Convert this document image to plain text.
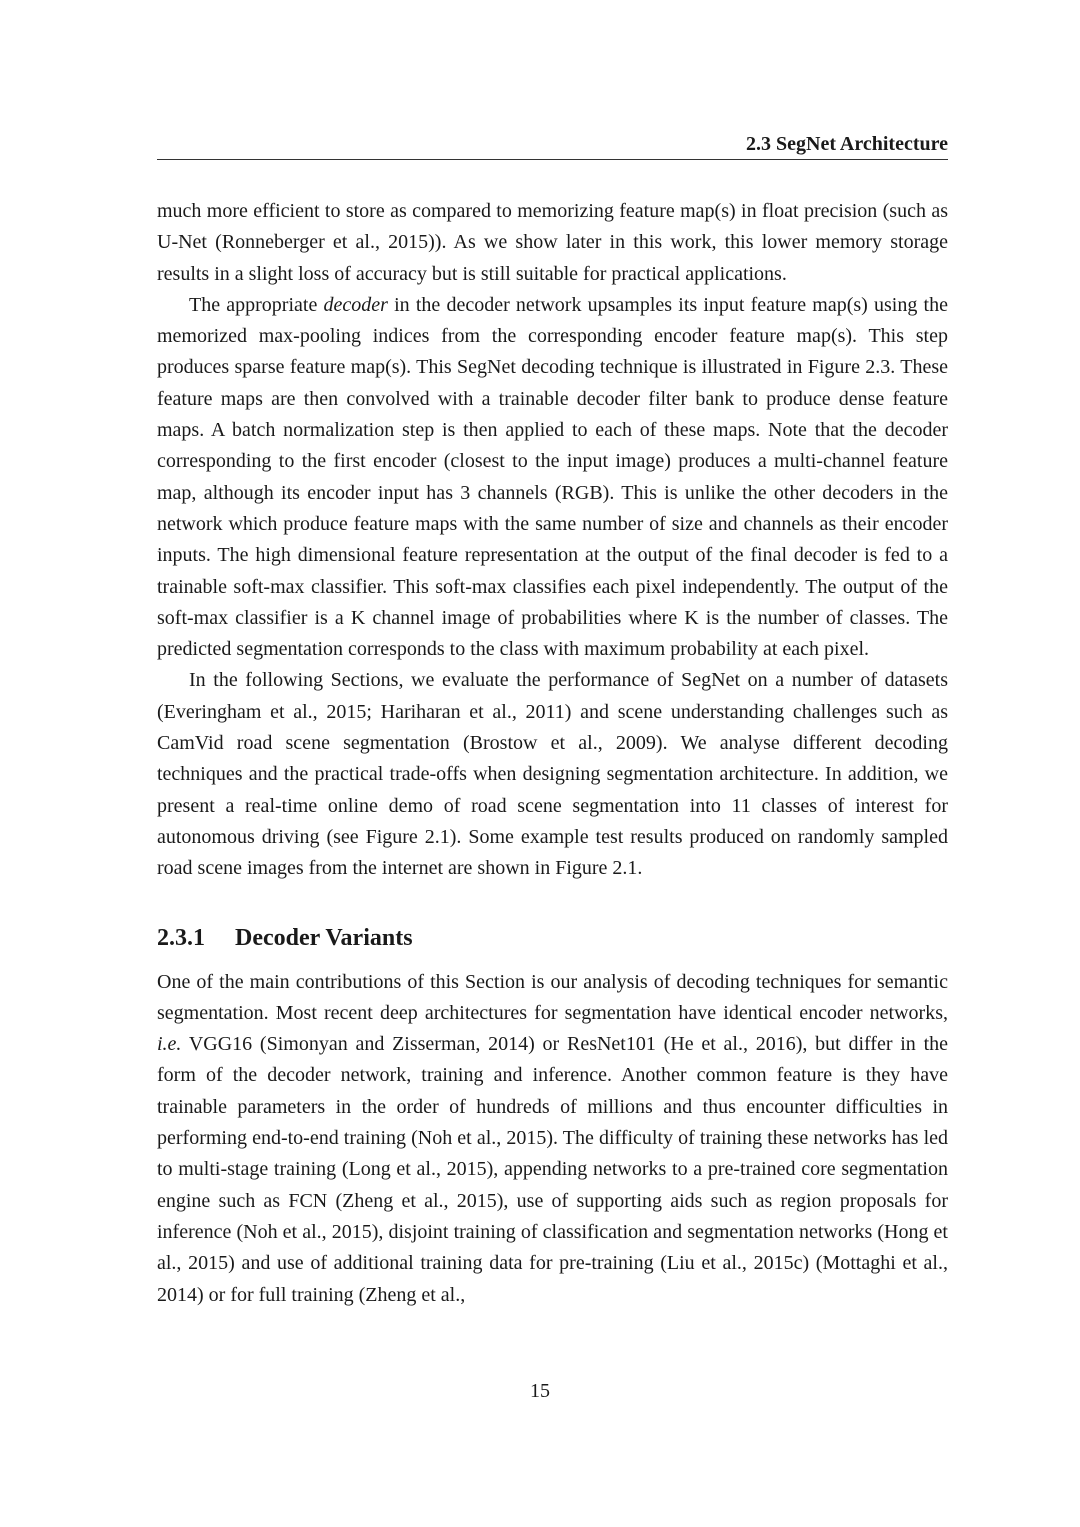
2.3 SegNet Architecture

much more efficient to store as compared to memorizing feature map(s) in float precision (such as U-Net (Ronneberger et al., 2015)). As we show later in this work, this lower memory storage results in a slight loss of accuracy but is still suitable for practical applications.

The appropriate decoder in the decoder network upsamples its input feature map(s) using the memorized max-pooling indices from the corresponding encoder feature map(s). This step produces sparse feature map(s). This SegNet decoding technique is illustrated in Figure 2.3. These feature maps are then convolved with a trainable decoder filter bank to produce dense feature maps. A batch normalization step is then applied to each of these maps. Note that the decoder corresponding to the first encoder (closest to the input image) produces a multi-channel feature map, although its encoder input has 3 channels (RGB). This is unlike the other decoders in the network which produce feature maps with the same number of size and channels as their encoder inputs. The high dimensional feature representation at the output of the final decoder is fed to a trainable soft-max classifier. This soft-max classifies each pixel independently. The output of the soft-max classifier is a K channel image of probabilities where K is the number of classes. The predicted segmentation corresponds to the class with maximum probability at each pixel.

In the following Sections, we evaluate the performance of SegNet on a number of datasets (Everingham et al., 2015; Hariharan et al., 2011) and scene understanding challenges such as CamVid road scene segmentation (Brostow et al., 2009). We analyse different decoding techniques and the practical trade-offs when designing segmentation architecture. In addition, we present a real-time online demo of road scene segmentation into 11 classes of interest for autonomous driving (see Figure 2.1). Some example test results produced on randomly sampled road scene images from the internet are shown in Figure 2.1.

2.3.1 Decoder Variants

One of the main contributions of this Section is our analysis of decoding techniques for semantic segmentation. Most recent deep architectures for segmentation have identical encoder networks, i.e. VGG16 (Simonyan and Zisserman, 2014) or ResNet101 (He et al., 2016), but differ in the form of the decoder network, training and inference. Another common feature is they have trainable parameters in the order of hundreds of millions and thus encounter difficulties in performing end-to-end training (Noh et al., 2015). The difficulty of training these networks has led to multi-stage training (Long et al., 2015), appending networks to a pre-trained core segmentation engine such as FCN (Zheng et al., 2015), use of supporting aids such as region proposals for inference (Noh et al., 2015), disjoint training of classification and segmentation networks (Hong et al., 2015) and use of additional training data for pre-training (Liu et al., 2015c) (Mottaghi et al., 2014) or for full training (Zheng et al.,

15
